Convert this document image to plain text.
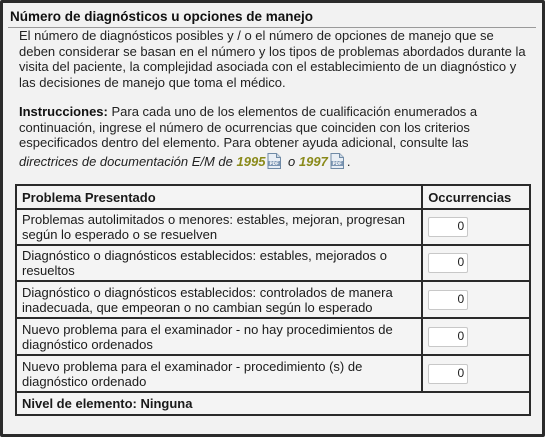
Número de diagnósticos u opciones de manejo
El número de diagnósticos posibles y / o el número de opciones de manejo que se deben considerar se basan en el número y los tipos de problemas abordados durante la visita del paciente, la complejidad asociada con el establecimiento de un diagnóstico y las decisiones de manejo que toma el médico.
Instrucciones: Para cada uno de los elementos de cualificación enumerados a continuación, ingrese el número de ocurrencias que coinciden con los criterios especificados dentro del elemento. Para obtener ayuda adicional, consulte las
directrices de documentación E/M de 1995 PDF o 1997 PDF .
Problema Presentado	Occurrencias
Problemas autolimitados o menores: estables, mejoran, progresan según lo esperado o se resuelven	0
Diagnóstico o diagnósticos establecidos: estables, mejorados o resueltos	0
Diagnóstico o diagnósticos establecidos: controlados de manera inadecuada, que empeoran o no cambian según lo esperado	0
Nuevo problema para el examinador - no hay procedimientos de diagnóstico ordenados	0
Nuevo problema para el examinador - procedimiento (s) de diagnóstico ordenado	0
Nivel de elemento: Ninguna	
